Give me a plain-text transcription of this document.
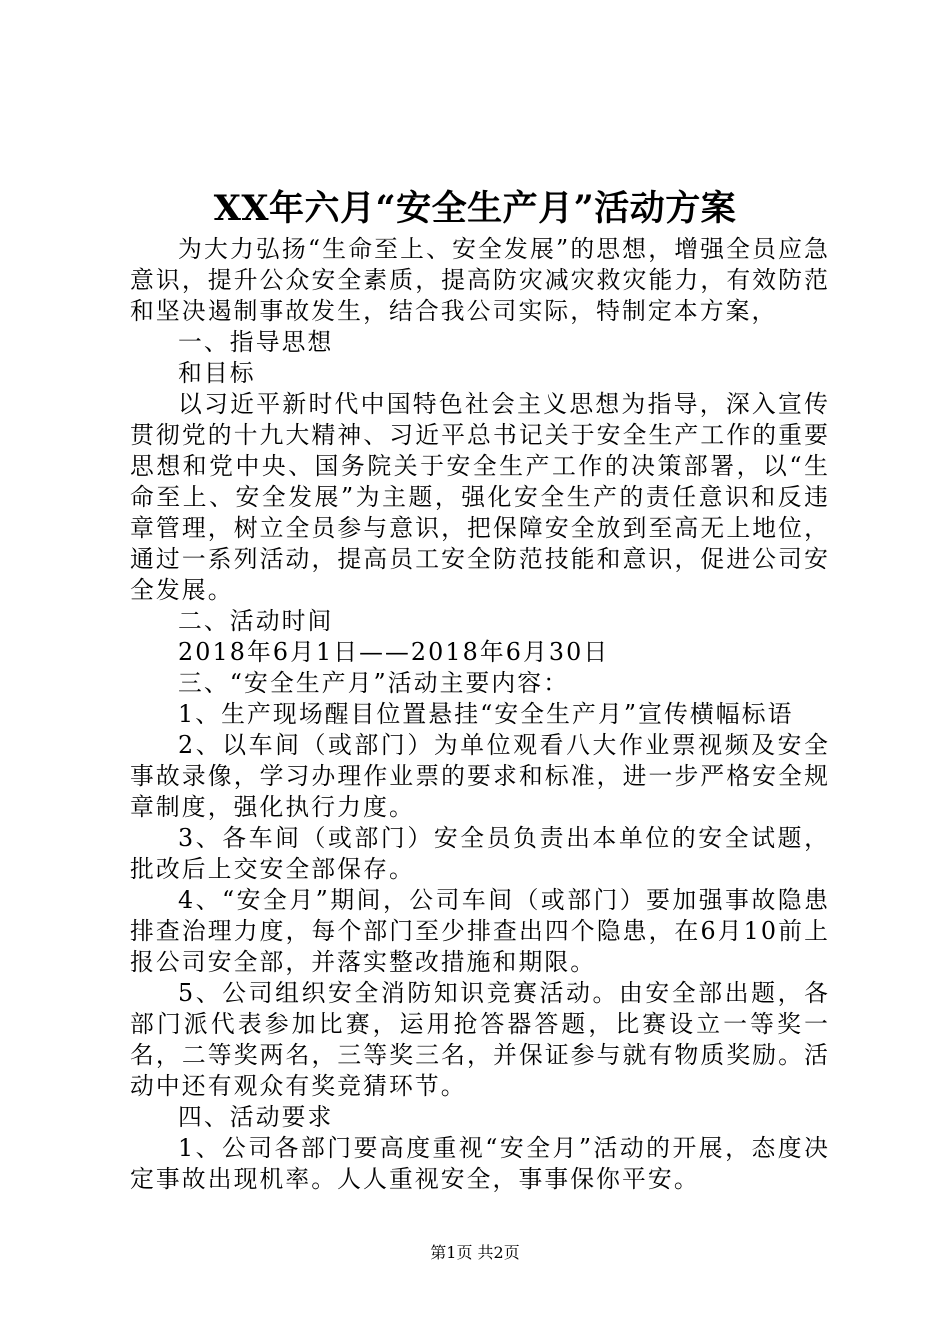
XX年六月“安全生产月”活动方案

为大力弘扬“生命至上、安全发展”的思想，增强全员应急意识，提升公众安全素质，提高防灾减灾救灾能力，有效防范和坚决遏制事故发生，结合我公司实际，特制定本方案，

一、指导思想

和目标

以习近平新时代中国特色社会主义思想为指导，深入宣传贯彻党的十九大精神、习近平总书记关于安全生产工作的重要思想和党中央、国务院关于安全生产工作的决策部署，以“生命至上、安全发展”为主题，强化安全生产的责任意识和反违章管理，树立全员参与意识，把保障安全放到至高无上地位，通过一系列活动，提高员工安全防范技能和意识，促进公司安全发展。

二、活动时间

2018年6月1日——2018年6月30日

三、“安全生产月”活动主要内容：

1、生产现场醒目位置悬挂“安全生产月”宣传横幅标语

2、以车间（或部门）为单位观看八大作业票视频及安全事故录像，学习办理作业票的要求和标准，进一步严格安全规章制度，强化执行力度。

3、各车间（或部门）安全员负责出本单位的安全试题，批改后上交安全部保存。

4、“安全月”期间，公司车间（或部门）要加强事故隐患排查治理力度，每个部门至少排查出四个隐患，在6月10前上报公司安全部，并落实整改措施和期限。

5、公司组织安全消防知识竞赛活动。由安全部出题，各部门派代表参加比赛，运用抢答器答题，比赛设立一等奖一名，二等奖两名，三等奖三名，并保证参与就有物质奖励。活动中还有观众有奖竞猜环节。

四、活动要求

1、公司各部门要高度重视“安全月”活动的开展，态度决定事故出现机率。人人重视安全，事事保你平安。

第1页 共2页
